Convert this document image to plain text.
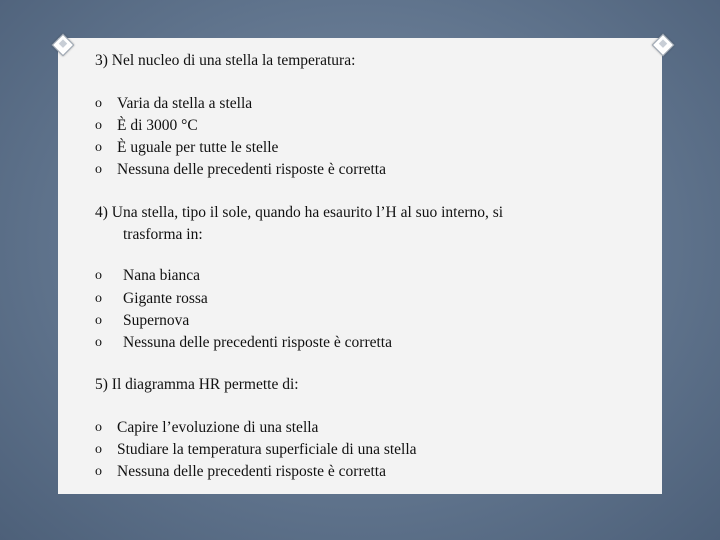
3) Nel nucleo di una stella la temperatura:
o Varia da stella a stella
o È di 3000 °C
o È uguale per tutte le stelle
o Nessuna delle precedenti risposte è corretta
4) Una stella, tipo il sole, quando ha esaurito l’H al suo interno, si
trasforma in:
o Nana bianca
o Gigante rossa
o Supernova
o Nessuna delle precedenti risposte è corretta
5) Il diagramma HR permette di:
o Capire l’evoluzione di una stella
o Studiare la temperatura superficiale di una stella
o Nessuna delle precedenti risposte è corretta
